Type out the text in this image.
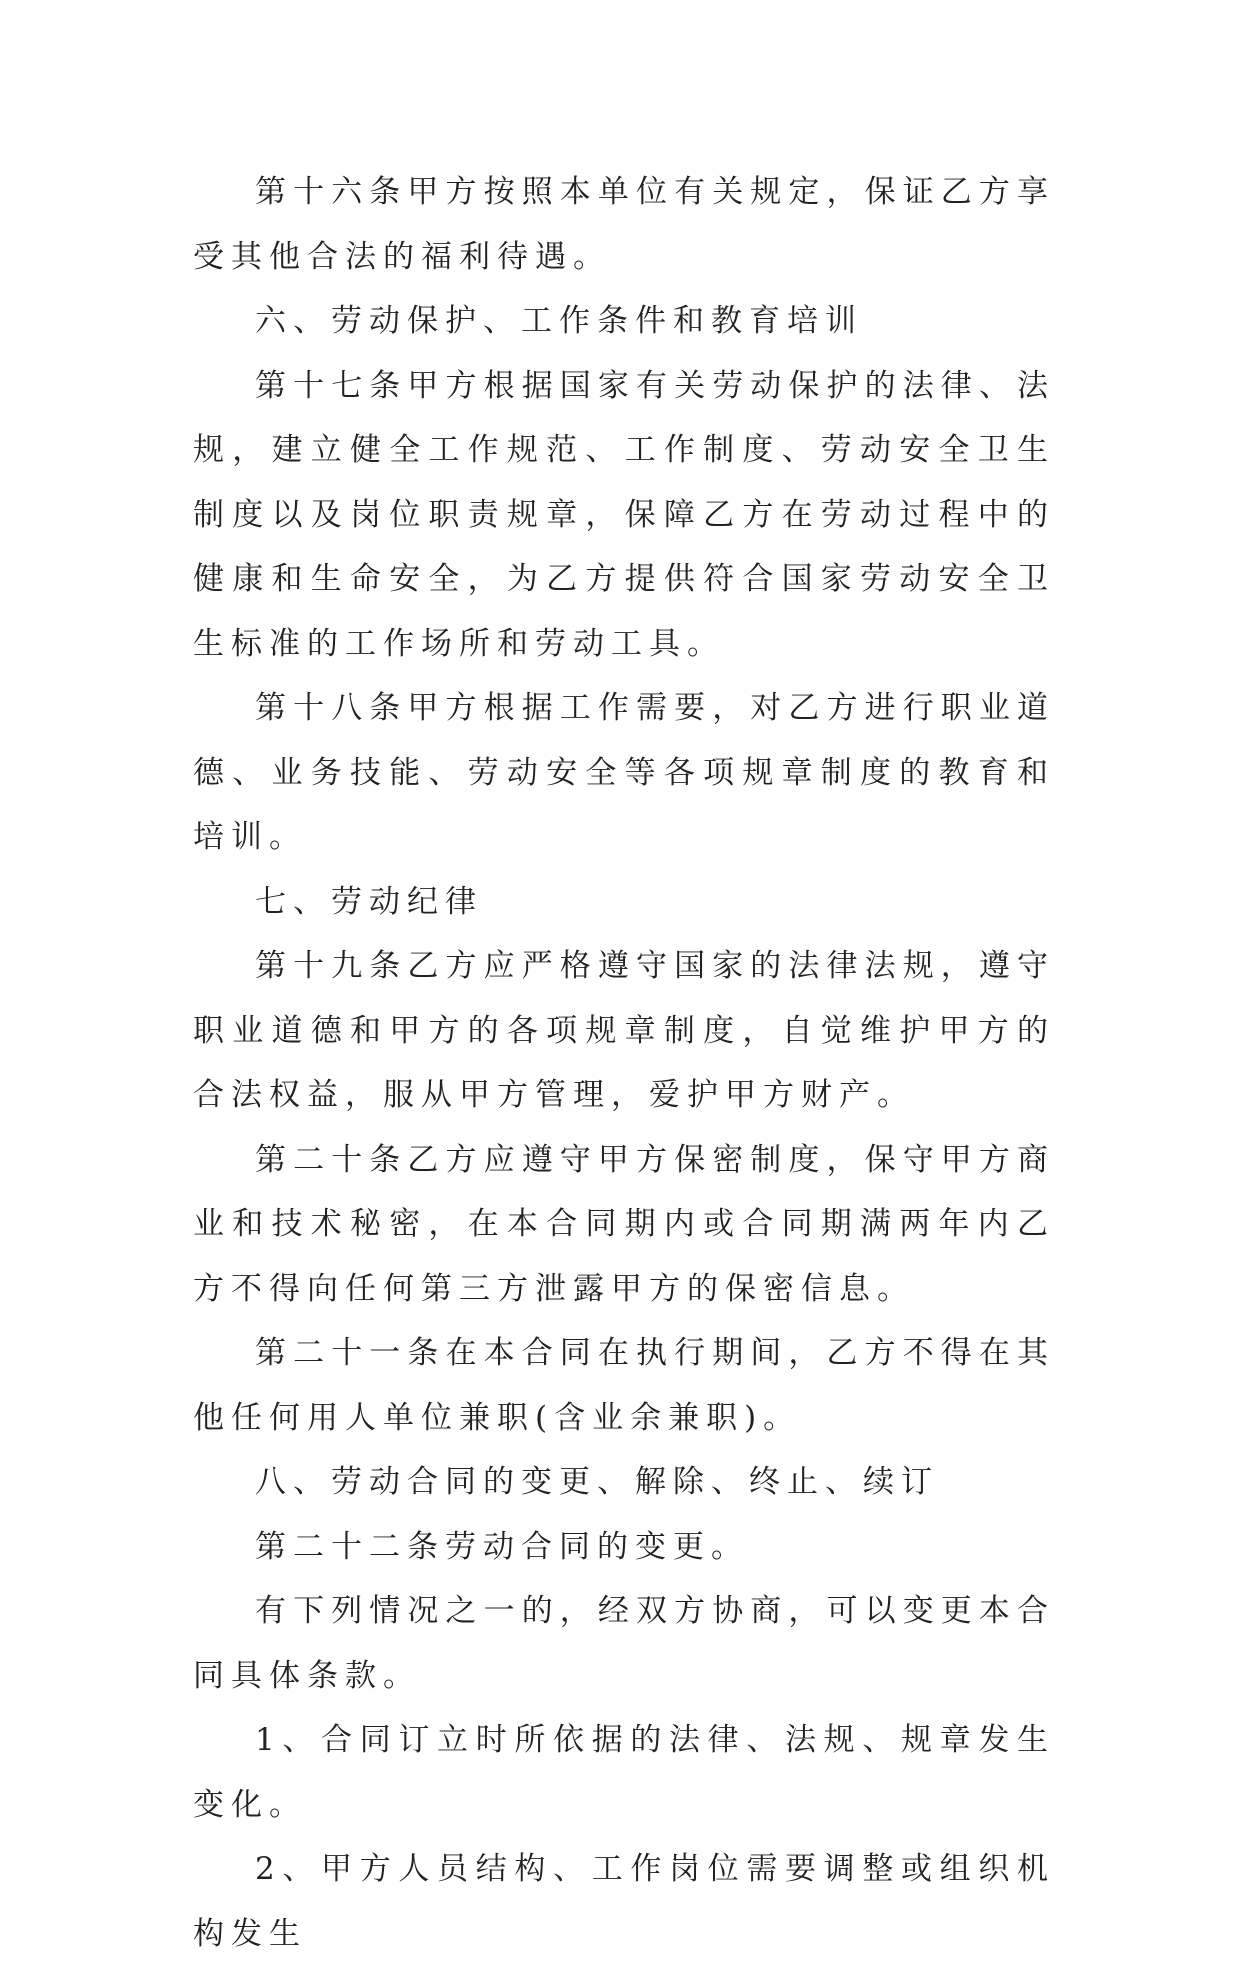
第十六条甲方按照本单位有关规定，保证乙方享受其他合法的福利待遇。

六、劳动保护、工作条件和教育培训

第十七条甲方根据国家有关劳动保护的法律、法规，建立健全工作规范、工作制度、劳动安全卫生制度以及岗位职责规章，保障乙方在劳动过程中的健康和生命安全，为乙方提供符合国家劳动安全卫生标准的工作场所和劳动工具。

第十八条甲方根据工作需要，对乙方进行职业道德、业务技能、劳动安全等各项规章制度的教育和培训。

七、劳动纪律

第十九条乙方应严格遵守国家的法律法规，遵守职业道德和甲方的各项规章制度，自觉维护甲方的合法权益，服从甲方管理，爱护甲方财产。

第二十条乙方应遵守甲方保密制度，保守甲方商业和技术秘密，在本合同期内或合同期满两年内乙方不得向任何第三方泄露甲方的保密信息。

第二十一条在本合同在执行期间，乙方不得在其他任何用人单位兼职(含业余兼职)。

八、劳动合同的变更、解除、终止、续订

第二十二条劳动合同的变更。

有下列情况之一的，经双方协商，可以变更本合同具体条款。

1、合同订立时所依据的法律、法规、规章发生变化。

2、甲方人员结构、工作岗位需要调整或组织机构发生
